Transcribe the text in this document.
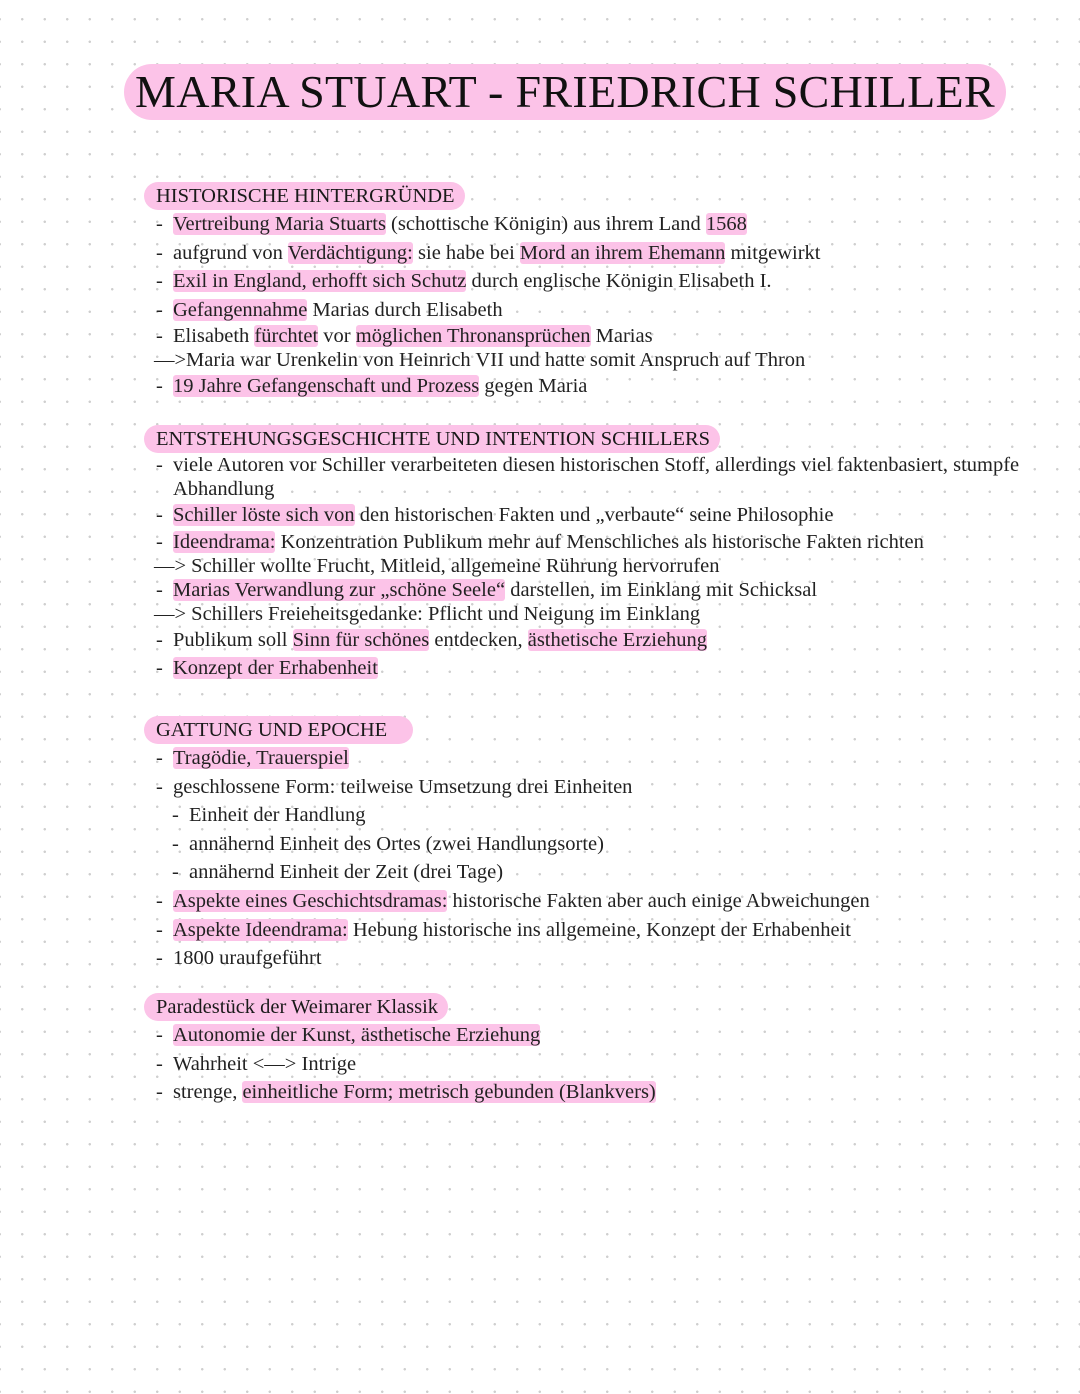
MARIA STUART - FRIEDRICH SCHILLER
HISTORISCHE HINTERGRÜNDE
- Vertreibung Maria Stuarts (schottische Königin) aus ihrem Land 1568
- aufgrund von Verdächtigung: sie habe bei Mord an ihrem Ehemann mitgewirkt
- Exil in England, erhofft sich Schutz durch englische Königin Elisabeth I.
- Gefangennahme Marias durch Elisabeth
- Elisabeth fürchtet vor möglichen Thronansprüchen Marias
—>Maria war Urenkelin von Heinrich VII und hatte somit Anspruch auf Thron
- 19 Jahre Gefangenschaft und Prozess gegen Maria
ENTSTEHUNGSGESCHICHTE UND INTENTION SCHILLERS
- viele Autoren vor Schiller verarbeiteten diesen historischen Stoff, allerdings viel faktenbasiert, stumpfe
Abhandlung
- Schiller löste sich von den historischen Fakten und „verbaute“ seine Philosophie
- Ideendrama: Konzentration Publikum mehr auf Menschliches als historische Fakten richten
—> Schiller wollte Frucht, Mitleid, allgemeine Rührung hervorrufen
- Marias Verwandlung zur „schöne Seele“ darstellen, im Einklang mit Schicksal
—> Schillers Freieheitsgedanke: Pflicht und Neigung im Einklang
- Publikum soll Sinn für schönes entdecken, ästhetische Erziehung
- Konzept der Erhabenheit
GATTUNG UND EPOCHE
- Tragödie, Trauerspiel
- geschlossene Form: teilweise Umsetzung drei Einheiten
- Einheit der Handlung
- annähernd Einheit des Ortes (zwei Handlungsorte)
- annähernd Einheit der Zeit (drei Tage)
- Aspekte eines Geschichtsdramas: historische Fakten aber auch einige Abweichungen
- Aspekte Ideendrama: Hebung historische ins allgemeine, Konzept der Erhabenheit
- 1800 uraufgeführt
Paradestück der Weimarer Klassik
- Autonomie der Kunst, ästhetische Erziehung
- Wahrheit <—> Intrige
- strenge, einheitliche Form; metrisch gebunden (Blankvers)
